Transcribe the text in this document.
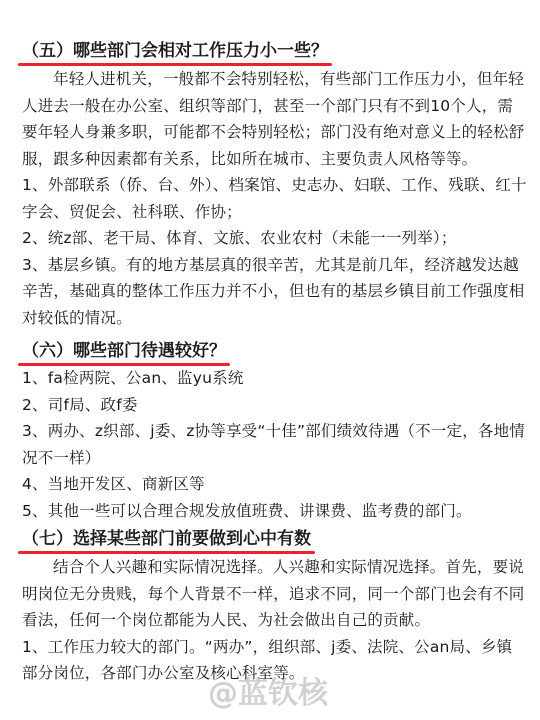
（五）哪些部门会相对工作压力小一些？

年轻人进机关，一般都不会特别轻松，有些部门工作压力小，但年轻人进去一般在办公室、组织等部门，甚至一个部门只有不到10个人，需要年轻人身兼多职，可能都不会特别轻松；部门没有绝对意义上的轻松舒服，跟多种因素都有关系，比如所在城市、主要负责人风格等等。

1、外部联系（侨、台、外）、档案馆、史志办、妇联、工作、残联、红十字会、贸促会、社科联、作协；

2、统z部、老干局、体育、文旅、农业农村（未能一一列举）；

3、基层乡镇。有的地方基层真的很辛苦，尤其是前几年，经济越发达越辛苦，基础真的整体工作压力并不小，但也有的基层乡镇目前工作强度相对较低的情况。

（六）哪些部门待遇较好？

1、fa检两院、公an、监yu系统

2、司f局、政f委

3、两办、z织部、j委、z协等享受“十佳”部们绩效待遇（不一定，各地情况不一样）

4、当地开发区、商新区等

5、其他一些可以合理合规发放值班费、讲课费、监考费的部门。

（七）选择某些部门前要做到心中有数

结合个人兴趣和实际情况选择。人兴趣和实际情况选择。首先，要说明岗位无分贵贱，每个人背景不一样，追求不同，同一个部门也会有不同看法，任何一个岗位都能为人民、为社会做出自己的贡献。

1、工作压力较大的部门。“两办”，组织部、j委、法院、公an局、乡镇部分岗位，各部门办公室及核心科室等。

@蓝钦核
